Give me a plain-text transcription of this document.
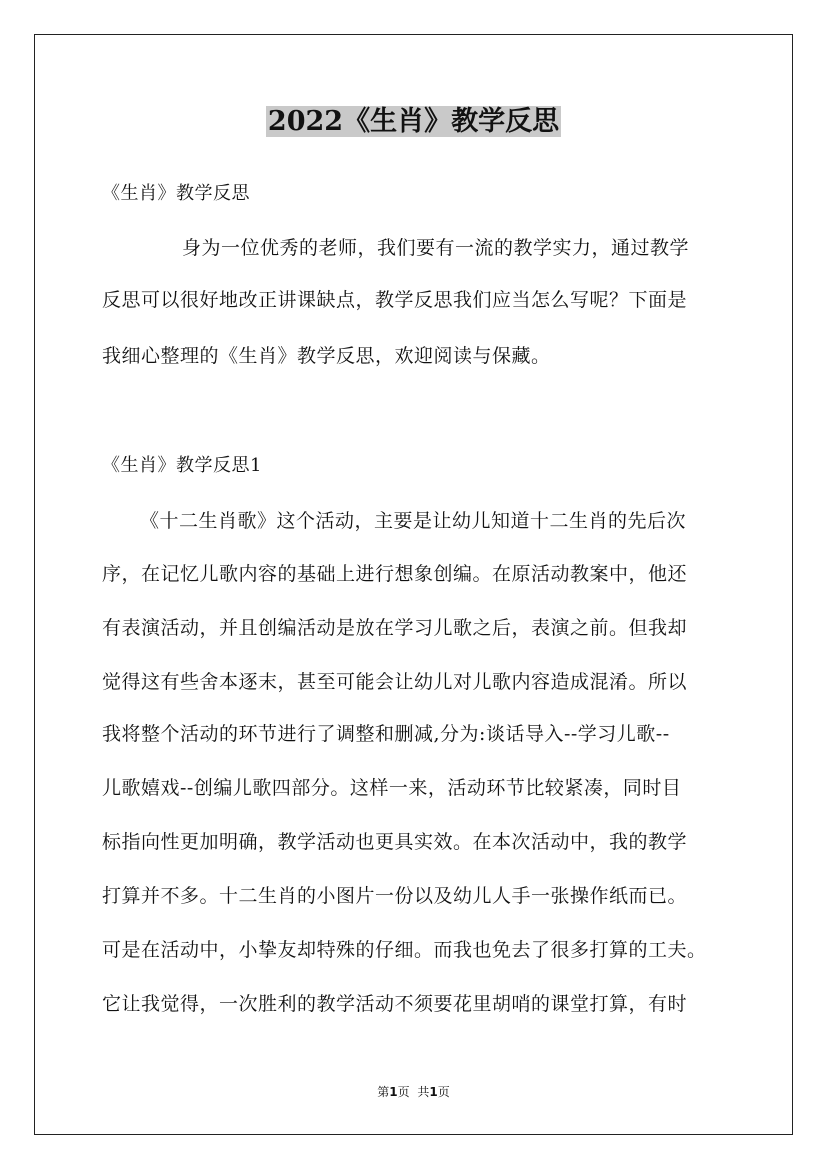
2022《生肖》教学反思
《生肖》教学反思
身为一位优秀的老师，我们要有一流的教学实力，通过教学
反思可以很好地改正讲课缺点，教学反思我们应当怎么写呢？下面是
我细心整理的《生肖》教学反思，欢迎阅读与保藏。
《生肖》教学反思1
《十二生肖歌》这个活动，主要是让幼儿知道十二生肖的先后次
序，在记忆儿歌内容的基础上进行想象创编。在原活动教案中，他还
有表演活动，并且创编活动是放在学习儿歌之后，表演之前。但我却
觉得这有些舍本逐末，甚至可能会让幼儿对儿歌内容造成混淆。所以
我将整个活动的环节进行了调整和删减,分为:谈话导入--学习儿歌--
儿歌嬉戏--创编儿歌四部分。这样一来，活动环节比较紧凑，同时目
标指向性更加明确，教学活动也更具实效。在本次活动中，我的教学
打算并不多。十二生肖的小图片一份以及幼儿人手一张操作纸而已。
可是在活动中，小挚友却特殊的仔细。而我也免去了很多打算的工夫。
它让我觉得，一次胜利的教学活动不须要花里胡哨的课堂打算，有时
第1页 共1页
